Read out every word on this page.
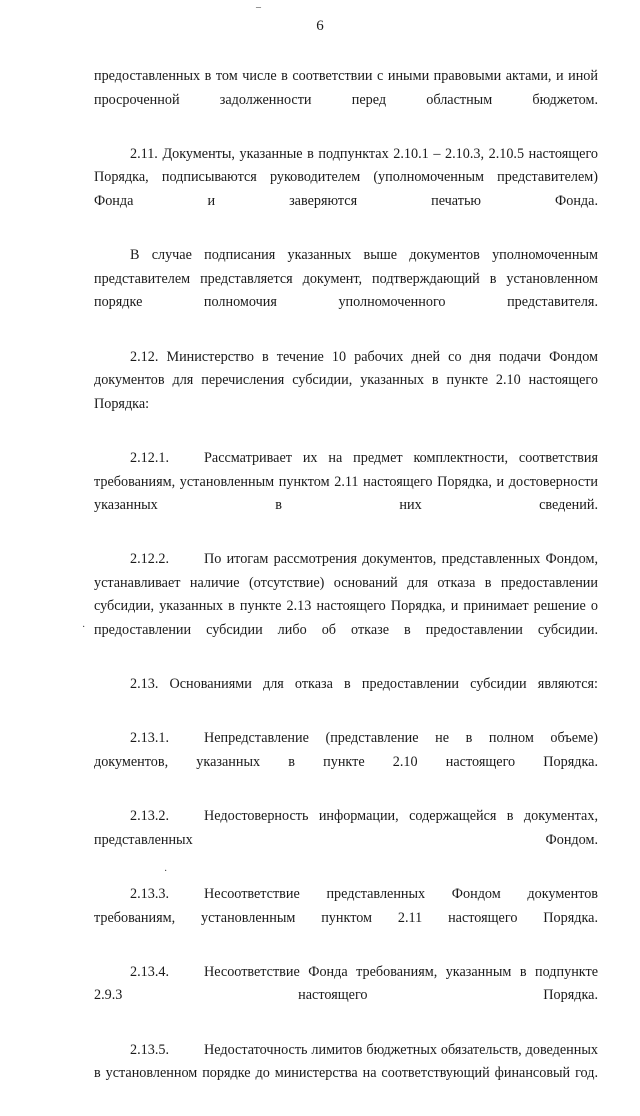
6

предоставленных в том числе в соответствии с иными правовыми актами, и иной просроченной задолженности перед областным бюджетом.

2.11. Документы, указанные в подпунктах 2.10.1 – 2.10.3, 2.10.5 настоящего Порядка, подписываются руководителем (уполномоченным представителем) Фонда и заверяются печатью Фонда.

В случае подписания указанных выше документов уполномоченным представителем представляется документ, подтверждающий в установленном порядке полномочия уполномоченного представителя.

2.12. Министерство в течение 10 рабочих дней со дня подачи Фондом документов для перечисления субсидии, указанных в пункте 2.10 настоящего Порядка:

2.12.1. Рассматривает их на предмет комплектности, соответствия требованиям, установленным пунктом 2.11 настоящего Порядка, и достоверности указанных в них сведений.

2.12.2. По итогам рассмотрения документов, представленных Фондом, устанавливает наличие (отсутствие) оснований для отказа в предоставлении субсидии, указанных в пункте 2.13 настоящего Порядка, и принимает решение о предоставлении субсидии либо об отказе в предоставлении субсидии.

2.13. Основаниями для отказа в предоставлении субсидии являются:

2.13.1. Непредставление (представление не в полном объеме) документов, указанных в пункте 2.10 настоящего Порядка.

2.13.2. Недостоверность информации, содержащейся в документах, представленных Фондом.

2.13.3. Несоответствие представленных Фондом документов требованиям, установленным пунктом 2.11 настоящего Порядка.

2.13.4. Несоответствие Фонда требованиям, указанным в подпункте 2.9.3 настоящего Порядка.

2.13.5. Недостаточность лимитов бюджетных обязательств, доведенных в установленном порядке до министерства на соответствующий финансовый год.

–
·
·
